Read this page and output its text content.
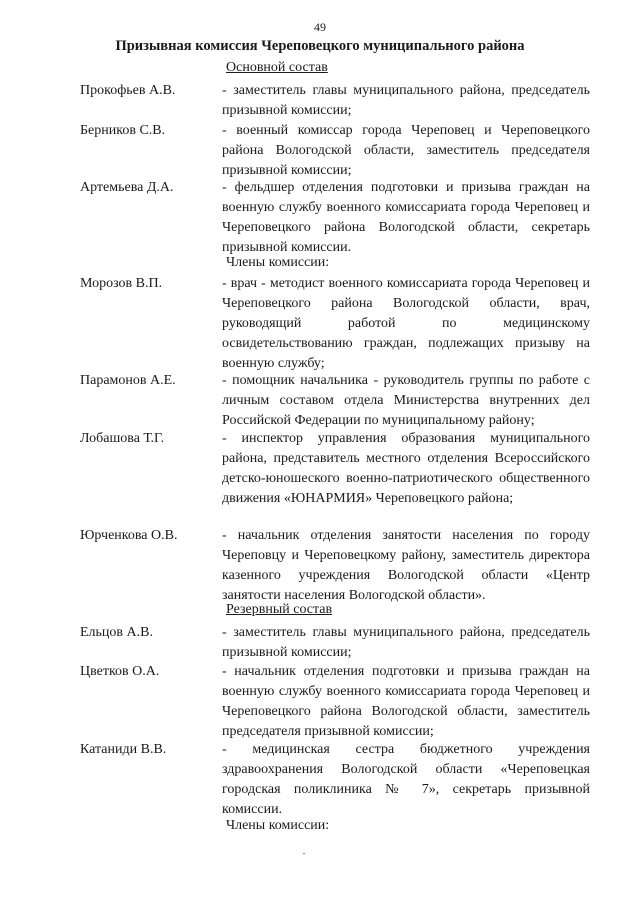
49
Призывная комиссия Череповецкого муниципального района
Основной состав
Прокофьев А.В.	- заместитель главы муниципального района, председатель призывной комиссии;
Берников С.В.	- военный комиссар города Череповец и Череповецкого района Вологодской области, заместитель председателя призывной комиссии;
Артемьева Д.А.	- фельдшер отделения подготовки и призыва граждан на военную службу военного комиссариата города Череповец и Череповецкого района Вологодской области, секретарь призывной комиссии.
Члены комиссии:
Морозов В.П.	- врач - методист военного комиссариата города Череповец и Череповецкого района Вологодской области, врач, руководящий работой по медицинскому освидетельствованию граждан, подлежащих призыву на военную службу;
Парамонов А.Е.	- помощник начальника - руководитель группы по работе с личным составом отдела Министерства внутренних дел Российской Федерации по муниципальному району;
Лобашова Т.Г.	- инспектор управления образования муниципального района, представитель местного отделения Всероссийского детско-юношеского военно-патриотического общественного движения «ЮНАРМИЯ» Череповецкого района;
Юрченкова О.В.	- начальник отделения занятости населения по городу Череповцу и Череповецкому району, заместитель директора казенного учреждения Вологодской области «Центр занятости населения Вологодской области».
Резервный состав
Ельцов А.В.	- заместитель главы муниципального района, председатель призывной комиссии;
Цветков О.А.	- начальник отделения подготовки и призыва граждан на военную службу военного комиссариата города Череповец и Череповецкого района Вологодской области, заместитель председателя призывной комиссии;
Катаниди В.В.	- медицинская сестра бюджетного учреждения здравоохранения Вологодской области «Череповецкая городская поликлиника № 7», секретарь призывной комиссии.
Члены комиссии:
